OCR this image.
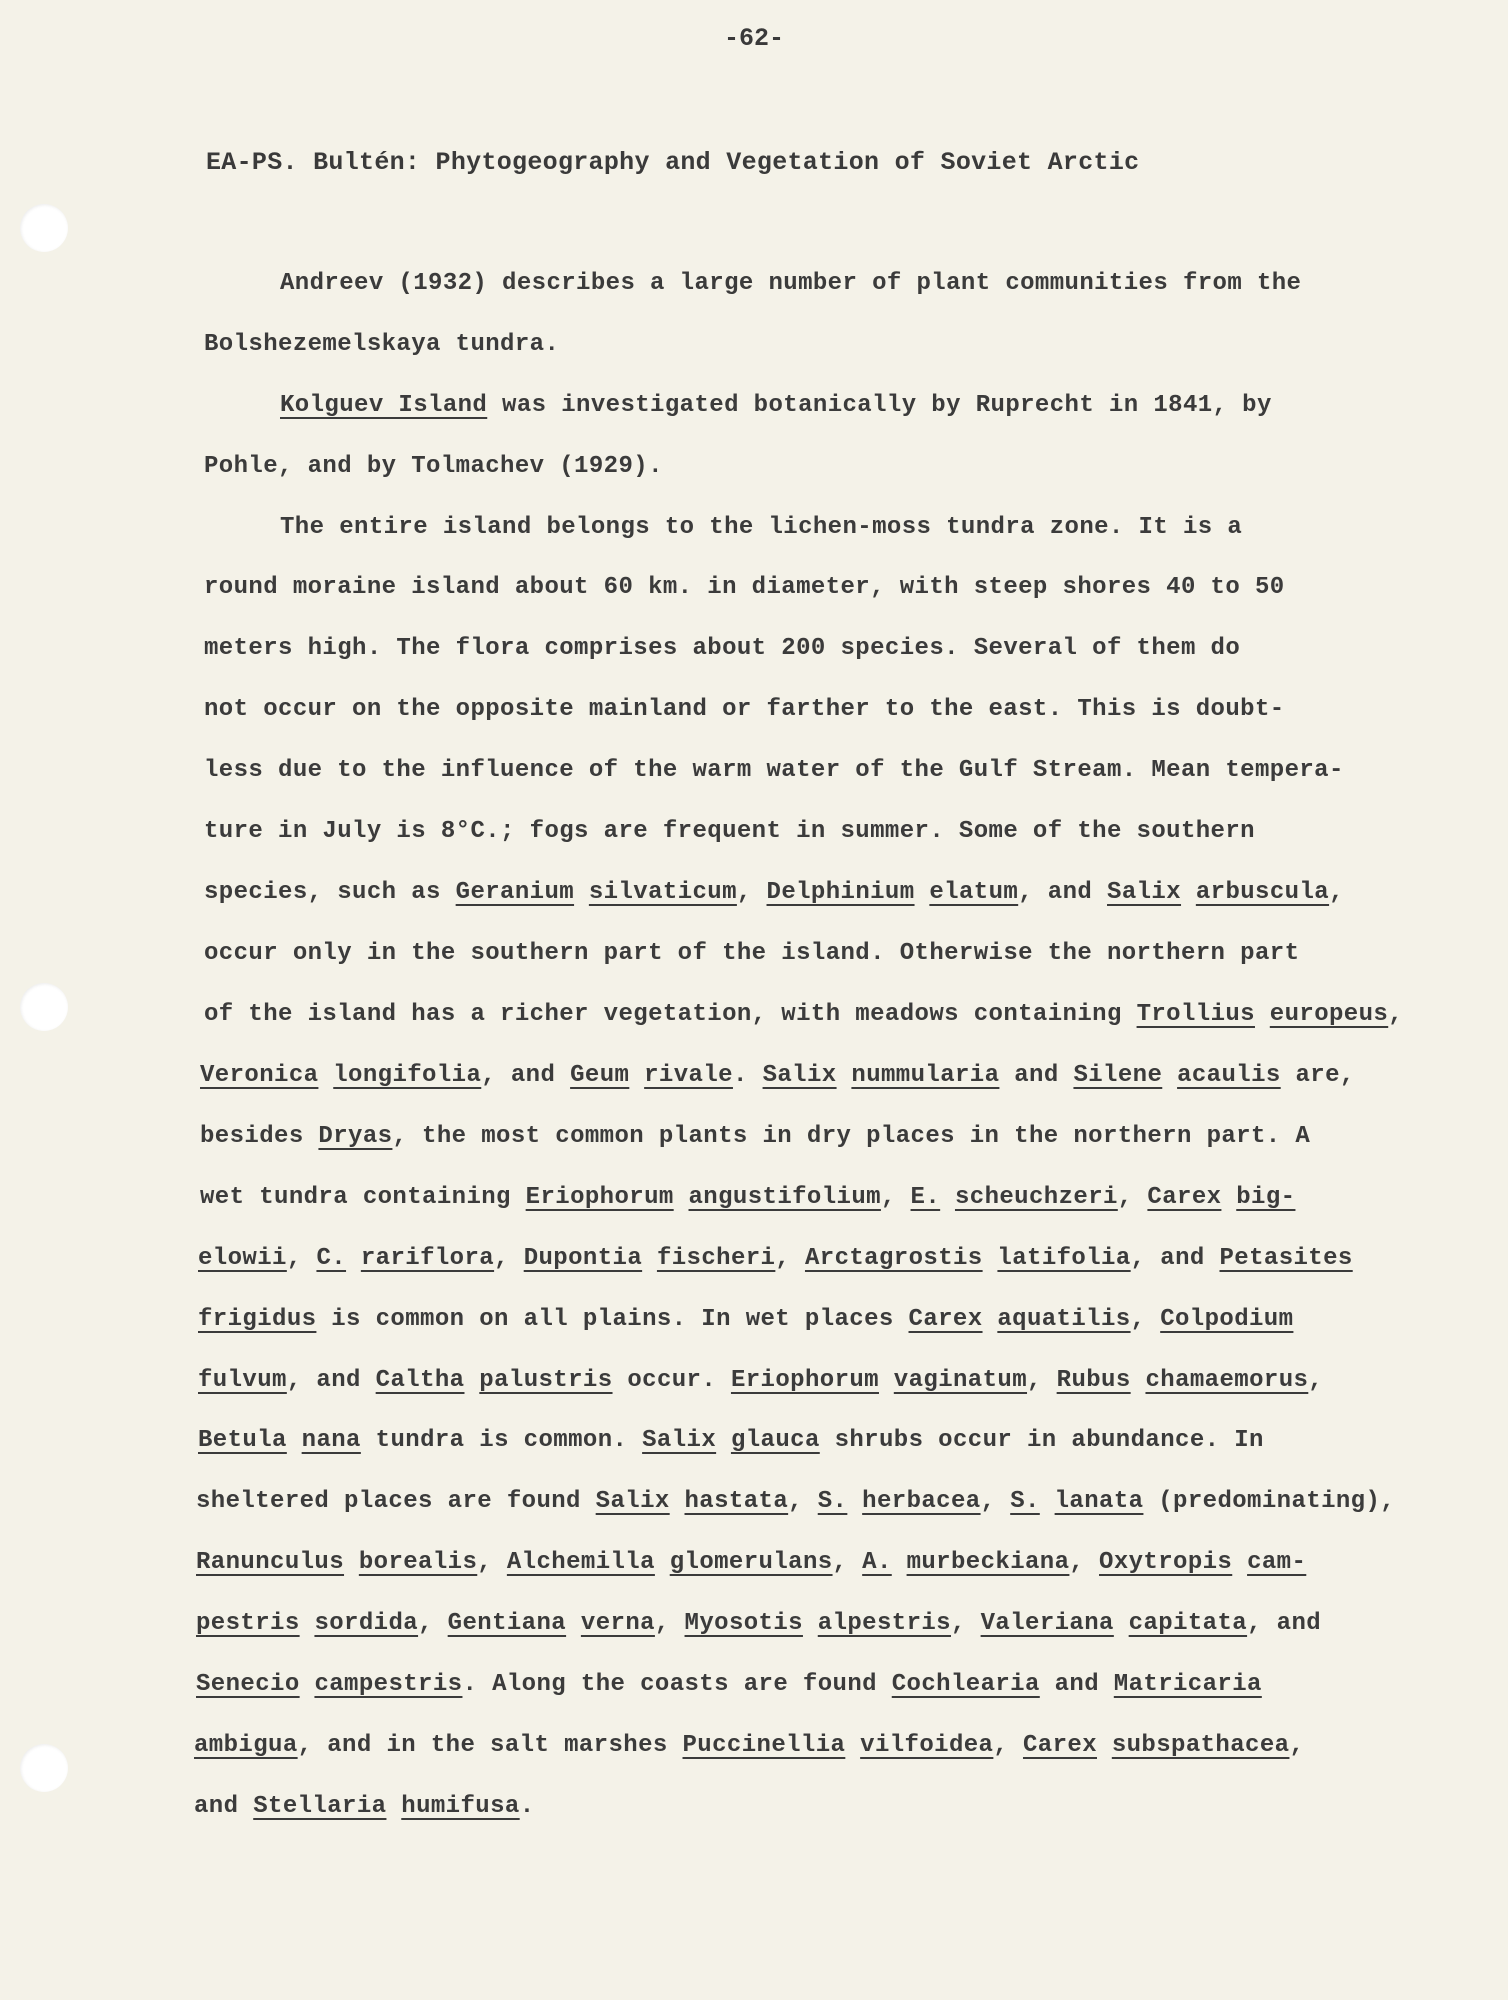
-62-
EA-PS. Bultén: Phytogeography and Vegetation of Soviet Arctic
Andreev (1932) describes a large number of plant communities from the
Bolshezemelskaya tundra.
Kolguev Island was investigated botanically by Ruprecht in 1841, by
Pohle, and by Tolmachev (1929).
The entire island belongs to the lichen-moss tundra zone. It is a
round moraine island about 60 km. in diameter, with steep shores 40 to 50
meters high. The flora comprises about 200 species. Several of them do
not occur on the opposite mainland or farther to the east. This is doubt-
less due to the influence of the warm water of the Gulf Stream. Mean tempera-
ture in July is 8°C.; fogs are frequent in summer. Some of the southern
species, such as Geranium silvaticum, Delphinium elatum, and Salix arbuscula,
occur only in the southern part of the island. Otherwise the northern part
of the island has a richer vegetation, with meadows containing Trollius europeus,
Veronica longifolia, and Geum rivale. Salix nummularia and Silene acaulis are,
besides Dryas, the most common plants in dry places in the northern part. A
wet tundra containing Eriophorum angustifolium, E. scheuchzeri, Carex big-
elowii, C. rariflora, Dupontia fischeri, Arctagrostis latifolia, and Petasites
frigidus is common on all plains. In wet places Carex aquatilis, Colpodium
fulvum, and Caltha palustris occur. Eriophorum vaginatum, Rubus chamaemorus,
Betula nana tundra is common. Salix glauca shrubs occur in abundance. In
sheltered places are found Salix hastata, S. herbacea, S. lanata (predominating),
Ranunculus borealis, Alchemilla glomerulans, A. murbeckiana, Oxytropis cam-
pestris sordida, Gentiana verna, Myosotis alpestris, Valeriana capitata, and
Senecio campestris. Along the coasts are found Cochlearia and Matricaria
ambigua, and in the salt marshes Puccinellia vilfoidea, Carex subspathacea,
and Stellaria humifusa.
